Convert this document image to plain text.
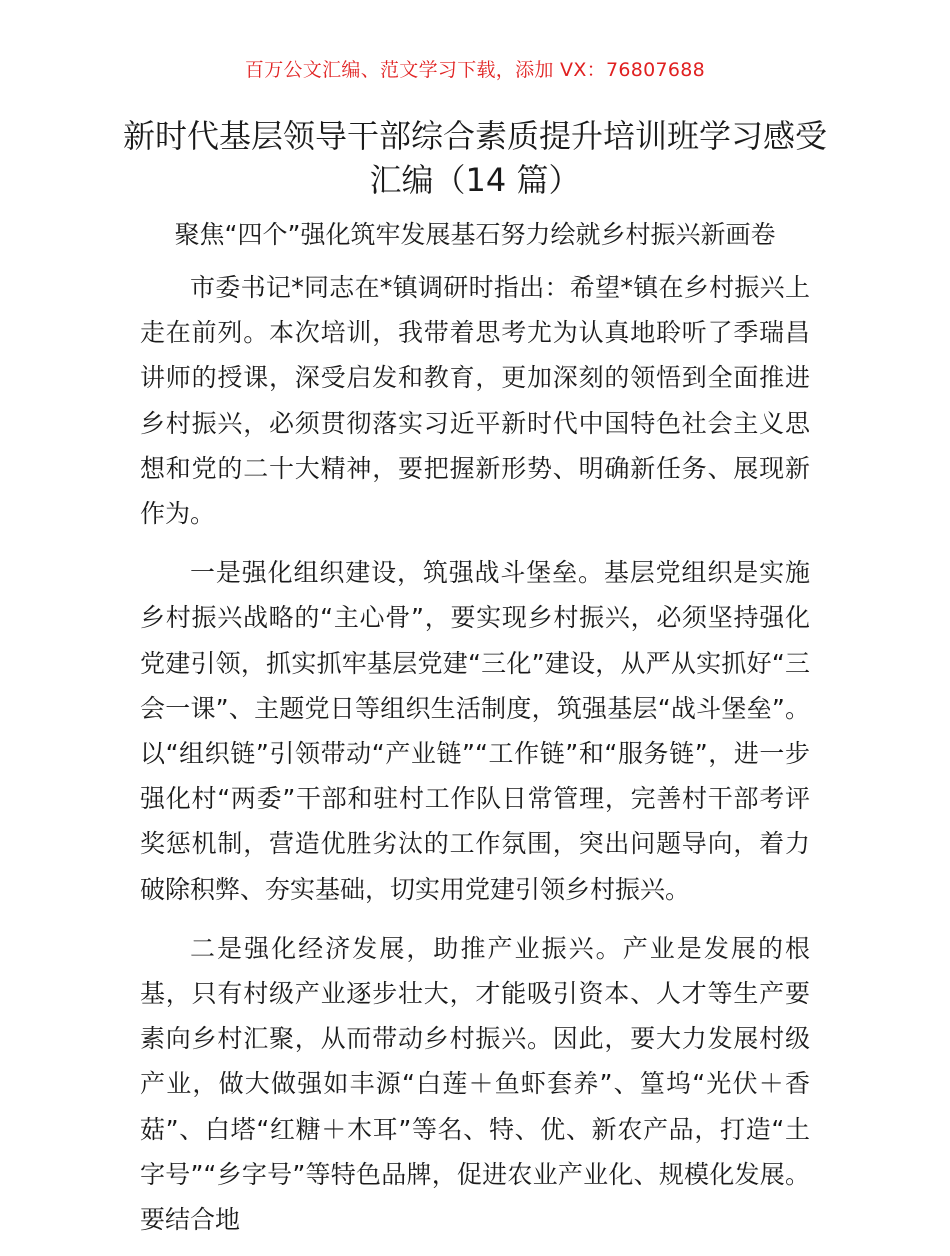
百万公文汇编、范文学习下载，添加 VX：76807688
新时代基层领导干部综合素质提升培训班学习感受汇编（14 篇）
聚焦“四个”强化筑牢发展基石努力绘就乡村振兴新画卷

市委书记*同志在*镇调研时指出：希望*镇在乡村振兴上走在前列。本次培训，我带着思考尤为认真地聆听了季瑞昌讲师的授课，深受启发和教育，更加深刻的领悟到全面推进乡村振兴，必须贯彻落实习近平新时代中国特色社会主义思想和党的二十大精神，要把握新形势、明确新任务、展现新作为。

一是强化组织建设，筑强战斗堡垒。基层党组织是实施乡村振兴战略的“主心骨”，要实现乡村振兴，必须坚持强化党建引领，抓实抓牢基层党建“三化”建设，从严从实抓好“三会一课”、主题党日等组织生活制度，筑强基层“战斗堡垒”。以“组织链”引领带动“产业链”“工作链”和“服务链”，进一步强化村“两委”干部和驻村工作队日常管理，完善村干部考评奖惩机制，营造优胜劣汰的工作氛围，突出问题导向，着力破除积弊、夯实基础，切实用党建引领乡村振兴。

二是强化经济发展，助推产业振兴。产业是发展的根基，只有村级产业逐步壮大，才能吸引资本、人才等生产要素向乡村汇聚，从而带动乡村振兴。因此，要大力发展村级产业，做大做强如丰源“白莲＋鱼虾套养”、篁坞“光伏＋香菇”、白塔“红糖＋木耳”等名、特、优、新农产品，打造“土字号”“乡字号”等特色品牌，促进农业产业化、规模化发展。要结合地
